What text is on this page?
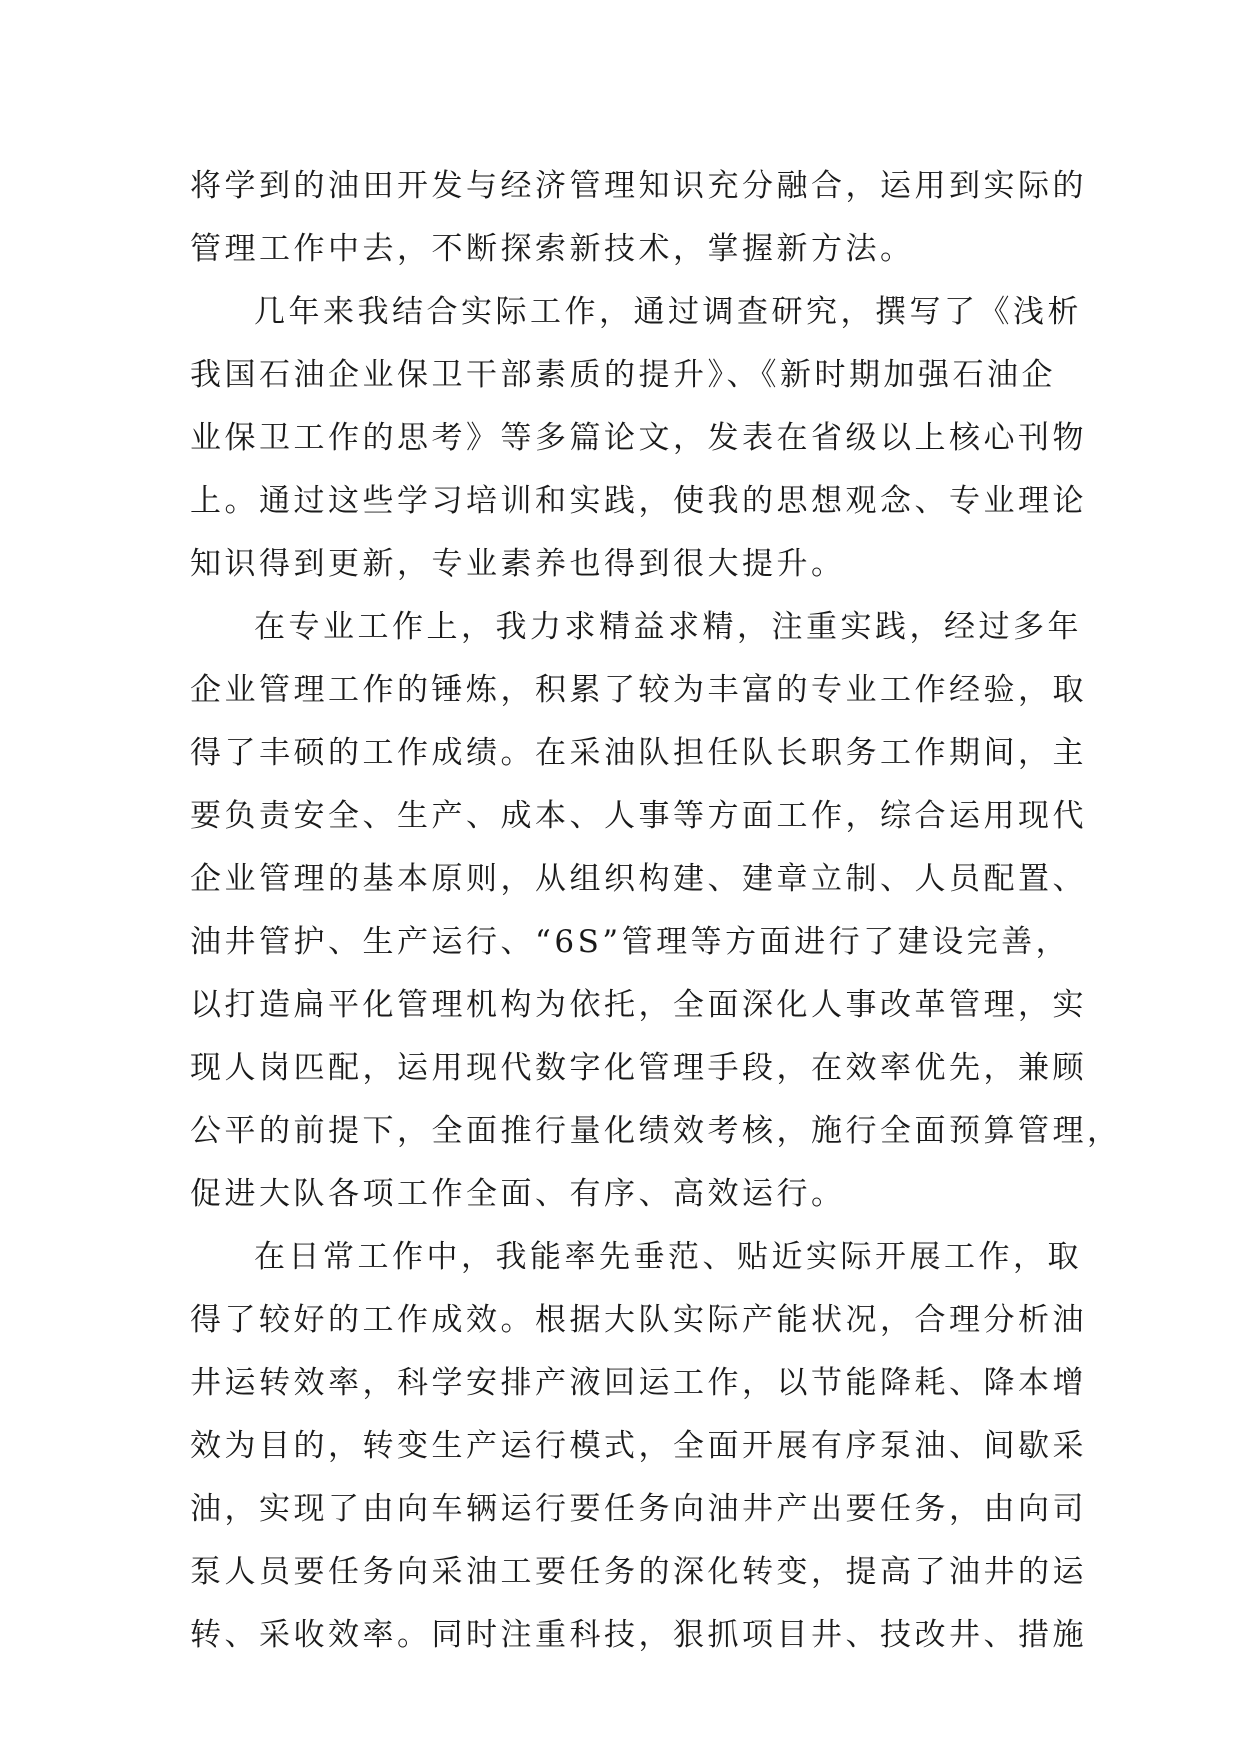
将学到的油田开发与经济管理知识充分融合，运用到实际的
管理工作中去，不断探索新技术，掌握新方法。
几年来我结合实际工作，通过调查研究，撰写了《浅析
我国石油企业保卫干部素质的提升》、《新时期加强石油企
业保卫工作的思考》等多篇论文，发表在省级以上核心刊物
上。通过这些学习培训和实践，使我的思想观念、专业理论
知识得到更新，专业素养也得到很大提升。
在专业工作上，我力求精益求精，注重实践，经过多年
企业管理工作的锤炼，积累了较为丰富的专业工作经验，取
得了丰硕的工作成绩。在采油队担任队长职务工作期间，主
要负责安全、生产、成本、人事等方面工作，综合运用现代
企业管理的基本原则，从组织构建、建章立制、人员配置、
油井管护、生产运行、“6S”管理等方面进行了建设完善，
以打造扁平化管理机构为依托，全面深化人事改革管理，实
现人岗匹配，运用现代数字化管理手段，在效率优先，兼顾
公平的前提下，全面推行量化绩效考核，施行全面预算管理，
促进大队各项工作全面、有序、高效运行。
在日常工作中，我能率先垂范、贴近实际开展工作，取
得了较好的工作成效。根据大队实际产能状况，合理分析油
井运转效率，科学安排产液回运工作，以节能降耗、降本增
效为目的，转变生产运行模式，全面开展有序泵油、间歇采
油，实现了由向车辆运行要任务向油井产出要任务，由向司
泵人员要任务向采油工要任务的深化转变，提高了油井的运
转、采收效率。同时注重科技，狠抓项目井、技改井、措施
